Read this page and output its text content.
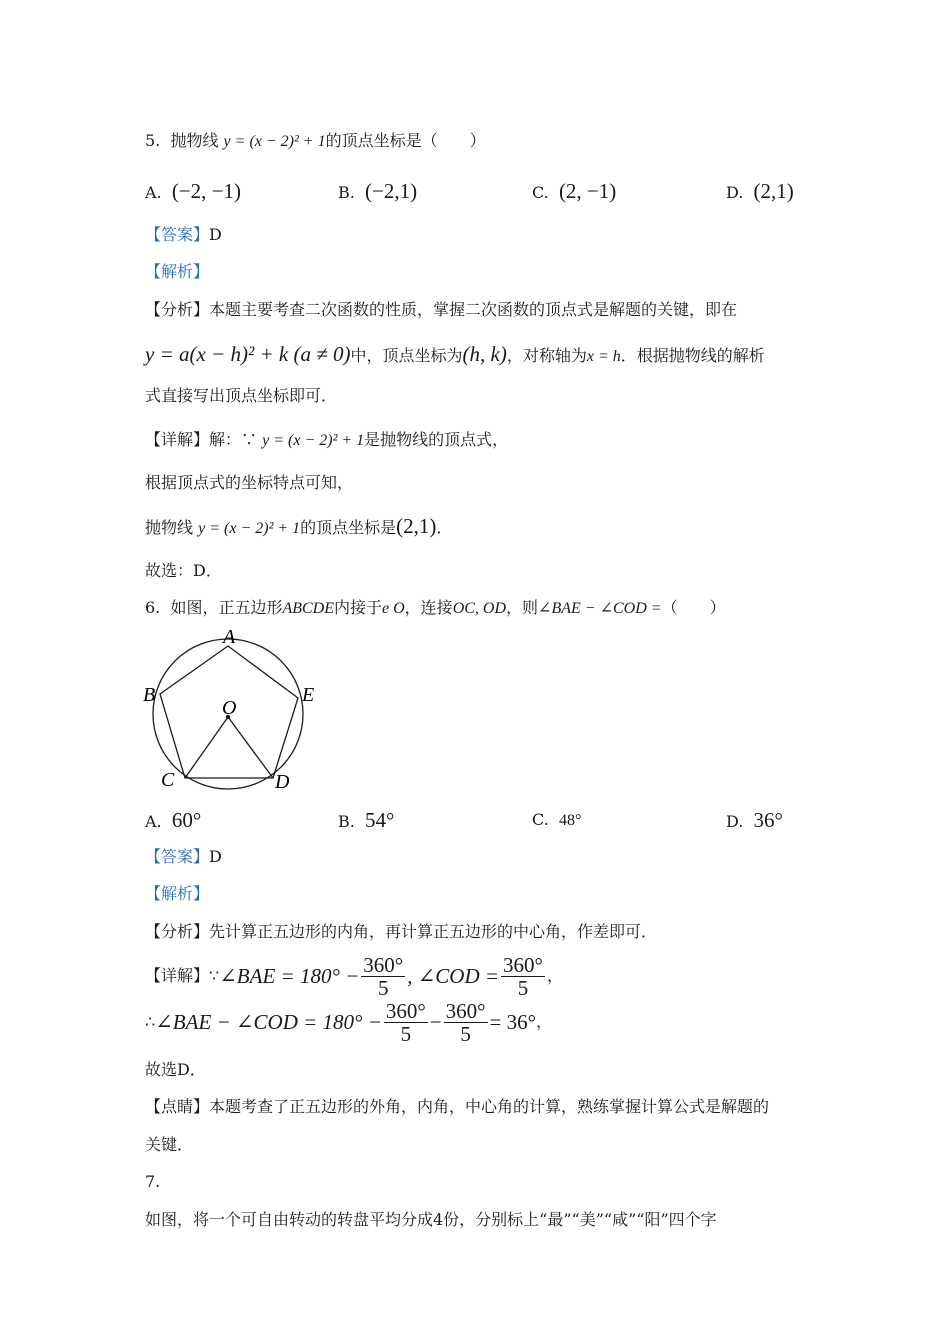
5. 抛物线 y = (x − 2)² + 1的顶点坐标是（　　）
A. (−2, −1)	B. (−2,1)	C. (2, −1)	D. (2,1)
【答案】D
【解析】
【分析】本题主要考查二次函数的性质，掌握二次函数的顶点式是解题的关键，即在
y = a(x − h)² + k (a ≠ 0)中，顶点坐标为(h, k)，对称轴为x = h．根据抛物线的解析
式直接写出顶点坐标即可．
【详解】解：∵ y = (x − 2)² + 1是抛物线的顶点式，
根据顶点式的坐标特点可知，
抛物线 y = (x − 2)² + 1的顶点坐标是(2,1)．
故选：D．
6. 如图，正五边形ABCDE内接于e O，连接OC, OD，则∠BAE − ∠COD =（　　）
A
B
C	D
E
O
A. 60°	B. 54°	C. 48°	D. 36°
【答案】D
【解析】
【分析】先计算正五边形的内角，再计算正五边形的中心角，作差即可．
【详解】 ∵ ∠BAE = $180^\circ - \frac{360^\circ}{5}$ , ∠COD = $\frac{360^\circ}{5}$ ，
∴ ∠BAE − ∠COD = $180^\circ - \frac{360^\circ}{5} - \frac{360^\circ}{5} = 36^\circ$ ，
故选D．
【点睛】本题考查了正五边形的外角，内角，中心角的计算，熟练掌握计算公式是解题的
关键．
7.
如图，将一个可自由转动的转盘平均分成4份，分别标上“最”“美”“咸”“阳”四个字
